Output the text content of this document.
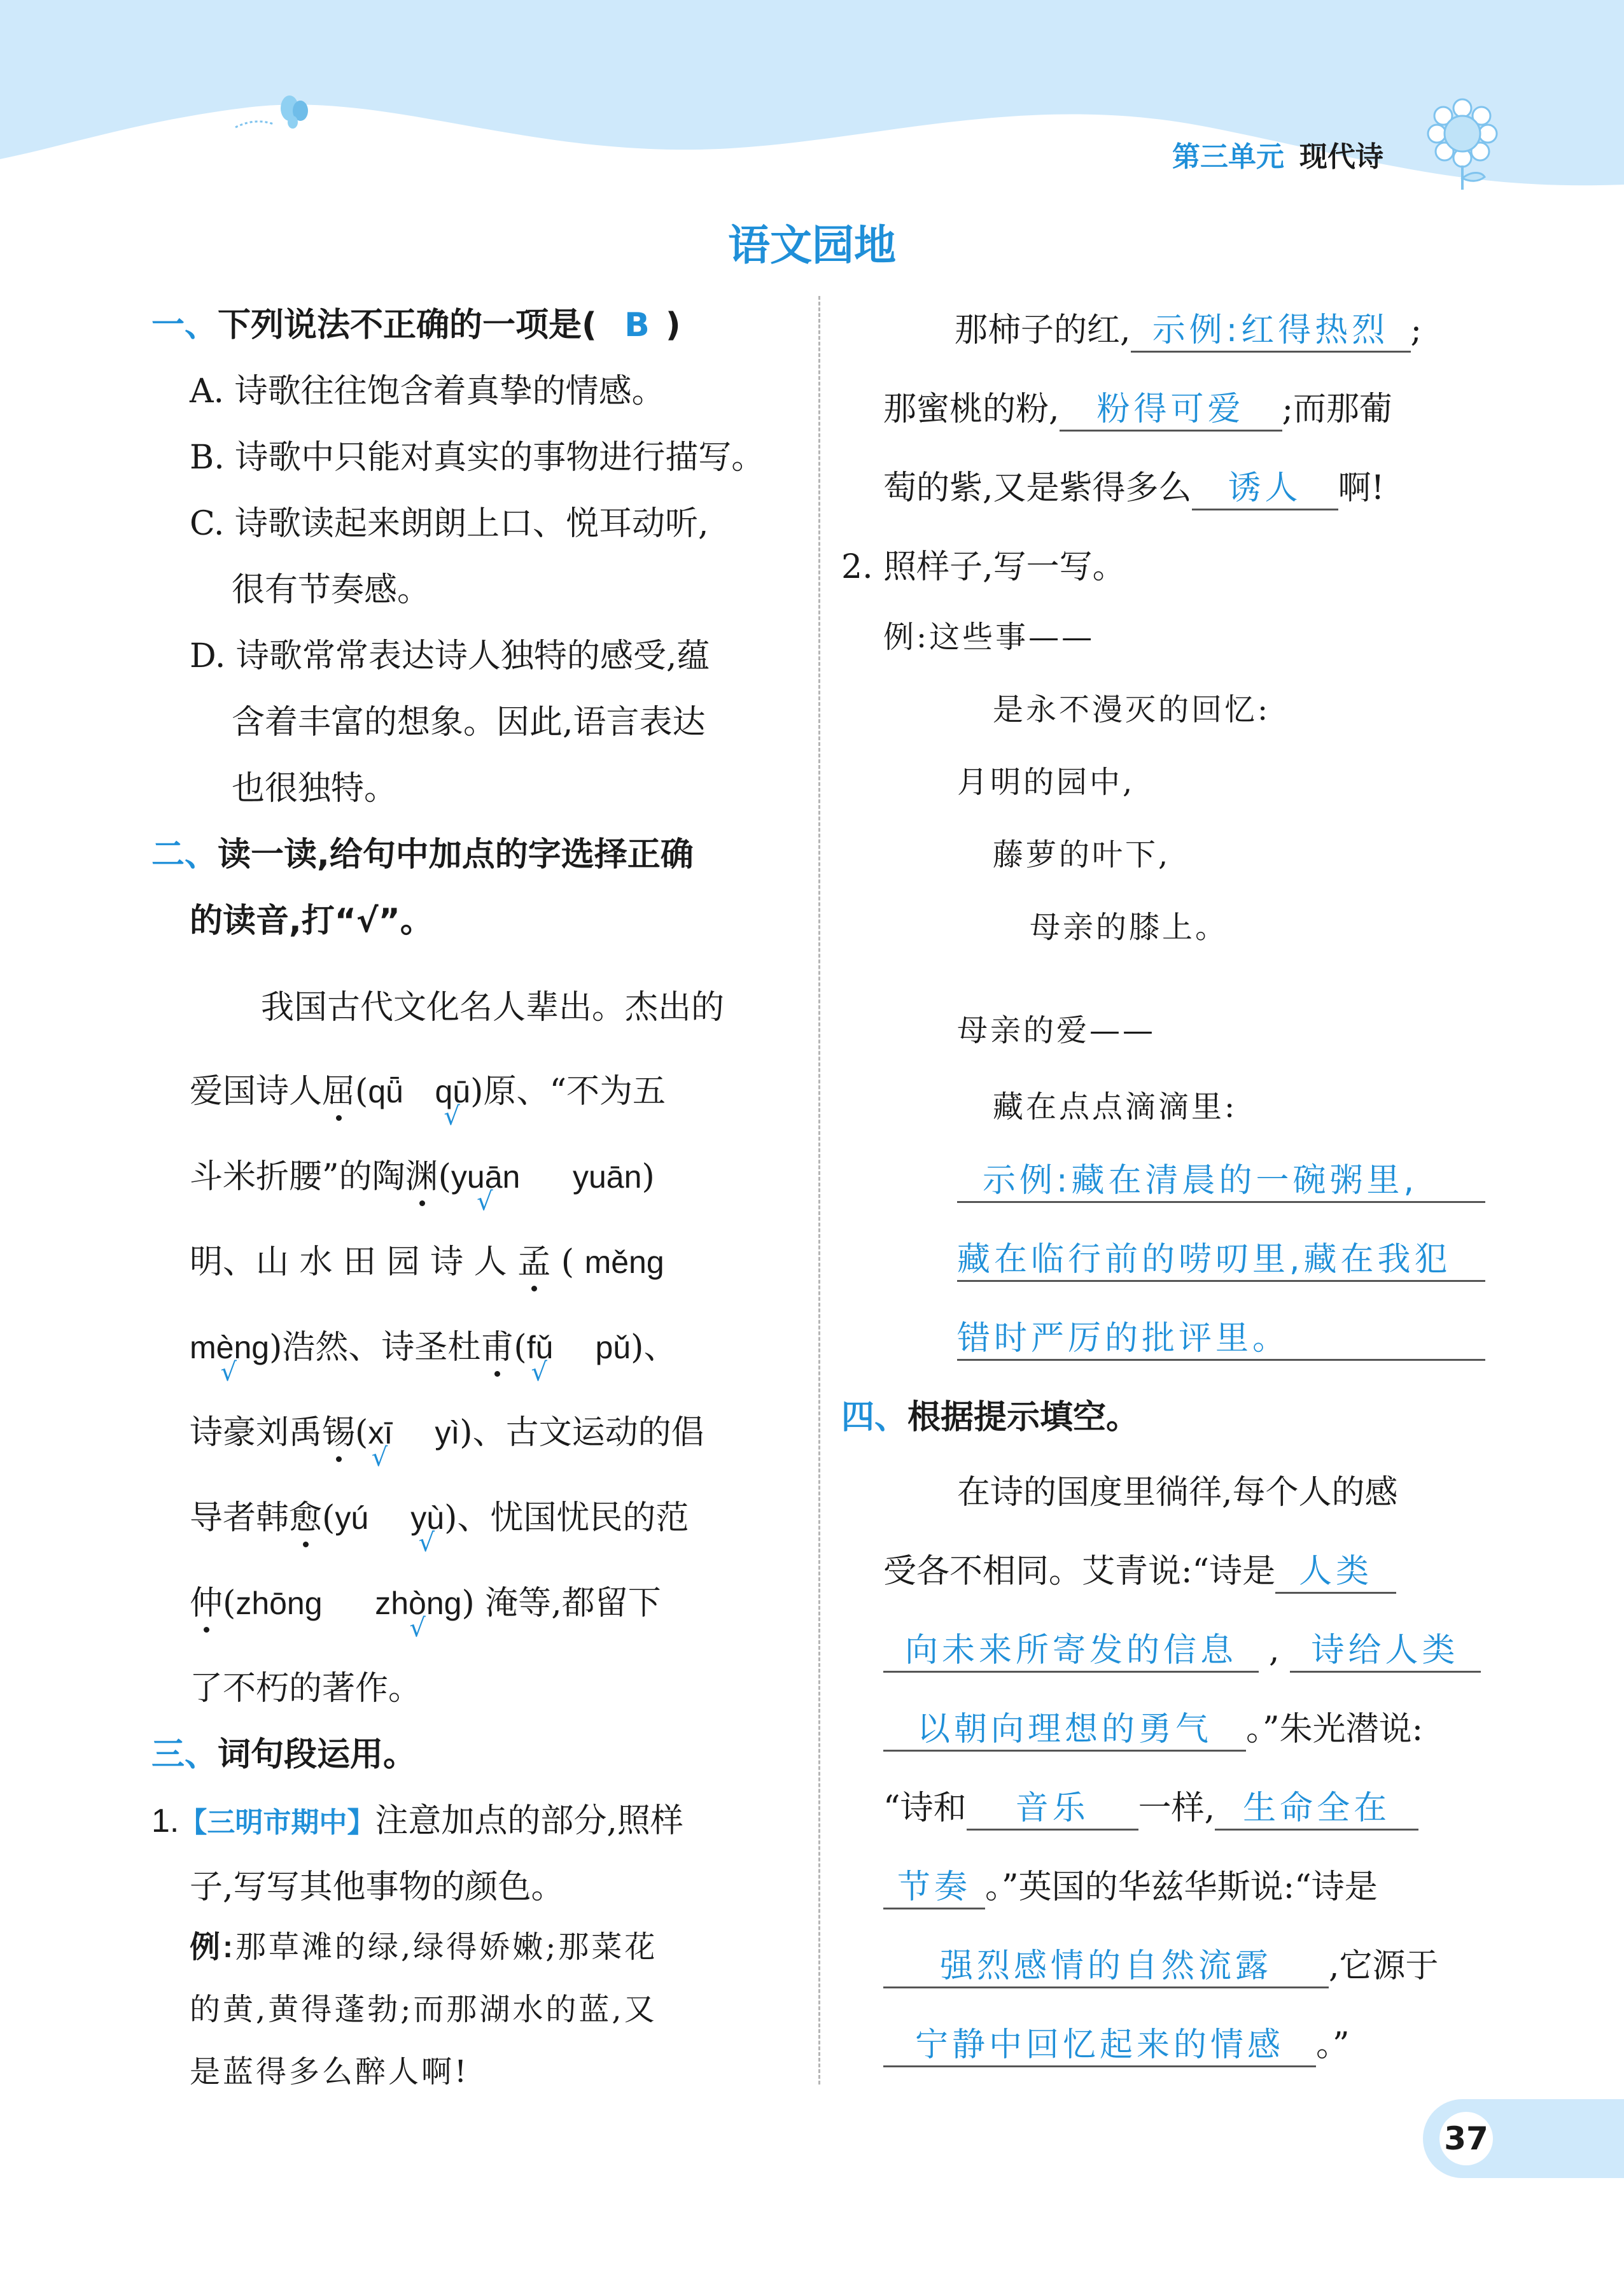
第三单元 现代诗
语文园地
一、下列说法不正确的一项是( B )
A. 诗歌往往饱含着真挚的情感。
B. 诗歌中只能对真实的事物进行描写。
C. 诗歌读起来朗朗上口、悦耳动听,
很有节奏感。
D. 诗歌常常表达诗人独特的感受,蕴
含着丰富的想象。因此,语言表达
也很独特。
二、读一读,给句中加点的字选择正确
的读音,打“√”。
我国古代文化名人辈出。杰出的
爱国诗人屈(qǖ qū √)原、“不为五
斗米折腰”的陶渊(yuān √ yuān)
明、山 水 田 园 诗 人 孟 ( měng
mèng √)浩然、诗圣杜甫(fǔ √ pǔ)、
诗豪刘禹锡(xī √ yì)、古文运动的倡
导者韩愈(yú yù √)、忧国忧民的范
仲(zhōng zhòng √) 淹等,都留下
了不朽的著作。
三、词句段运用。
1.【三明市期中】注意加点的部分,照样
子,写写其他事物的颜色。
例:那草滩的绿,绿得娇嫩;那菜花
的黄,黄得蓬勃;而那湖水的蓝,又
是蓝得多么醉人啊!
那柿子的红, 示例:红得热烈 ;
那蜜桃的粉, 粉得可爱 ;而那葡
萄的紫,又是紫得多么 诱人 啊!
2. 照样子,写一写。
例:这些事——
是永不漫灭的回忆:
月明的园中,
藤萝的叶下,
母亲的膝上。
母亲的爱——
藏在点点滴滴里:
示例:藏在清晨的一碗粥里,
藏在临行前的唠叨里,藏在我犯
错时严厉的批评里。
四、根据提示填空。
在诗的国度里徜徉,每个人的感
受各不相同。艾青说:“诗是 人类
向未来所寄发的信息 , 诗给人类
以朝向理想的勇气 。”朱光潜说:
“诗和 音乐 一样, 生命全在
节奏 。”英国的华兹华斯说:“诗是
强烈感情的自然流露 ,它源于
宁静中回忆起来的情感 。”
37
